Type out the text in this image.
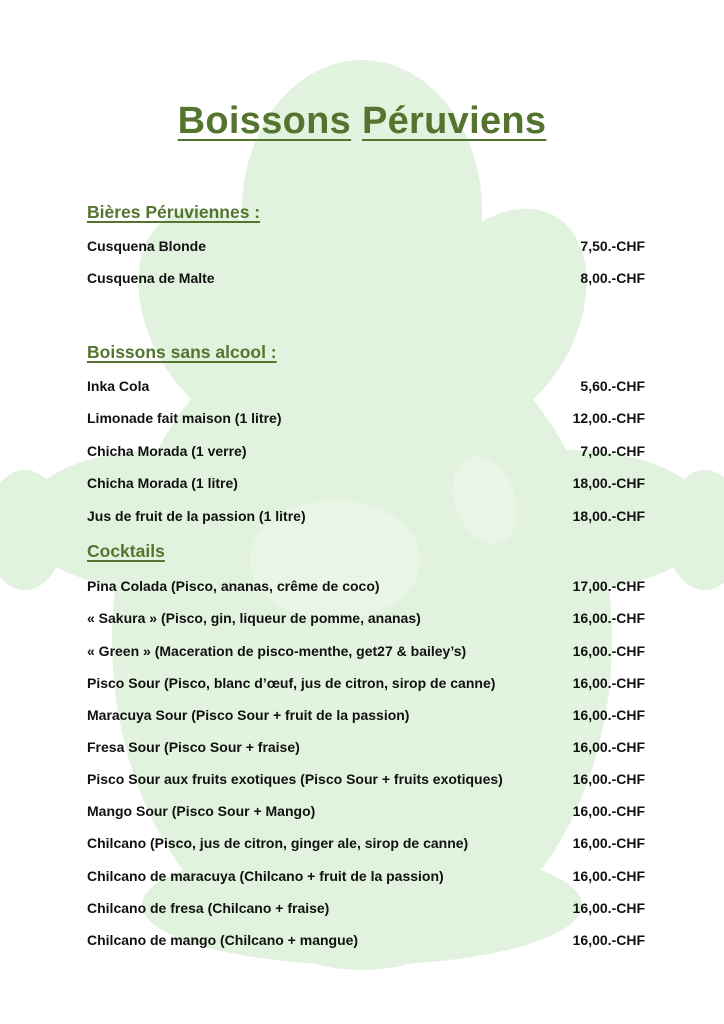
Boissons Péruviens
Bières Péruviennes :
Cusquena Blonde	7,50.-CHF
Cusquena de Malte	8,00.-CHF
Boissons sans alcool :
Inka Cola	5,60.-CHF
Limonade fait maison (1 litre)	12,00.-CHF
Chicha Morada (1 verre)	7,00.-CHF
Chicha Morada (1 litre)	18,00.-CHF
Jus de fruit de la passion (1 litre)	18,00.-CHF
Cocktails
Pina Colada (Pisco, ananas, crême de coco)	17,00.-CHF
« Sakura » (Pisco, gin, liqueur de pomme, ananas)	16,00.-CHF
« Green » (Maceration de pisco-menthe, get27 & bailey’s)	16,00.-CHF
Pisco Sour (Pisco, blanc d’œuf, jus de citron, sirop de canne)	16,00.-CHF
Maracuya Sour (Pisco Sour + fruit de la passion)	16,00.-CHF
Fresa Sour (Pisco Sour + fraise)	16,00.-CHF
Pisco Sour aux fruits exotiques (Pisco Sour + fruits exotiques)	16,00.-CHF
Mango Sour (Pisco Sour + Mango)	16,00.-CHF
Chilcano (Pisco, jus de citron, ginger ale, sirop de canne)	16,00.-CHF
Chilcano de maracuya (Chilcano + fruit de la passion)	16,00.-CHF
Chilcano de fresa (Chilcano + fraise)	16,00.-CHF
Chilcano de mango (Chilcano + mangue)	16,00.-CHF
